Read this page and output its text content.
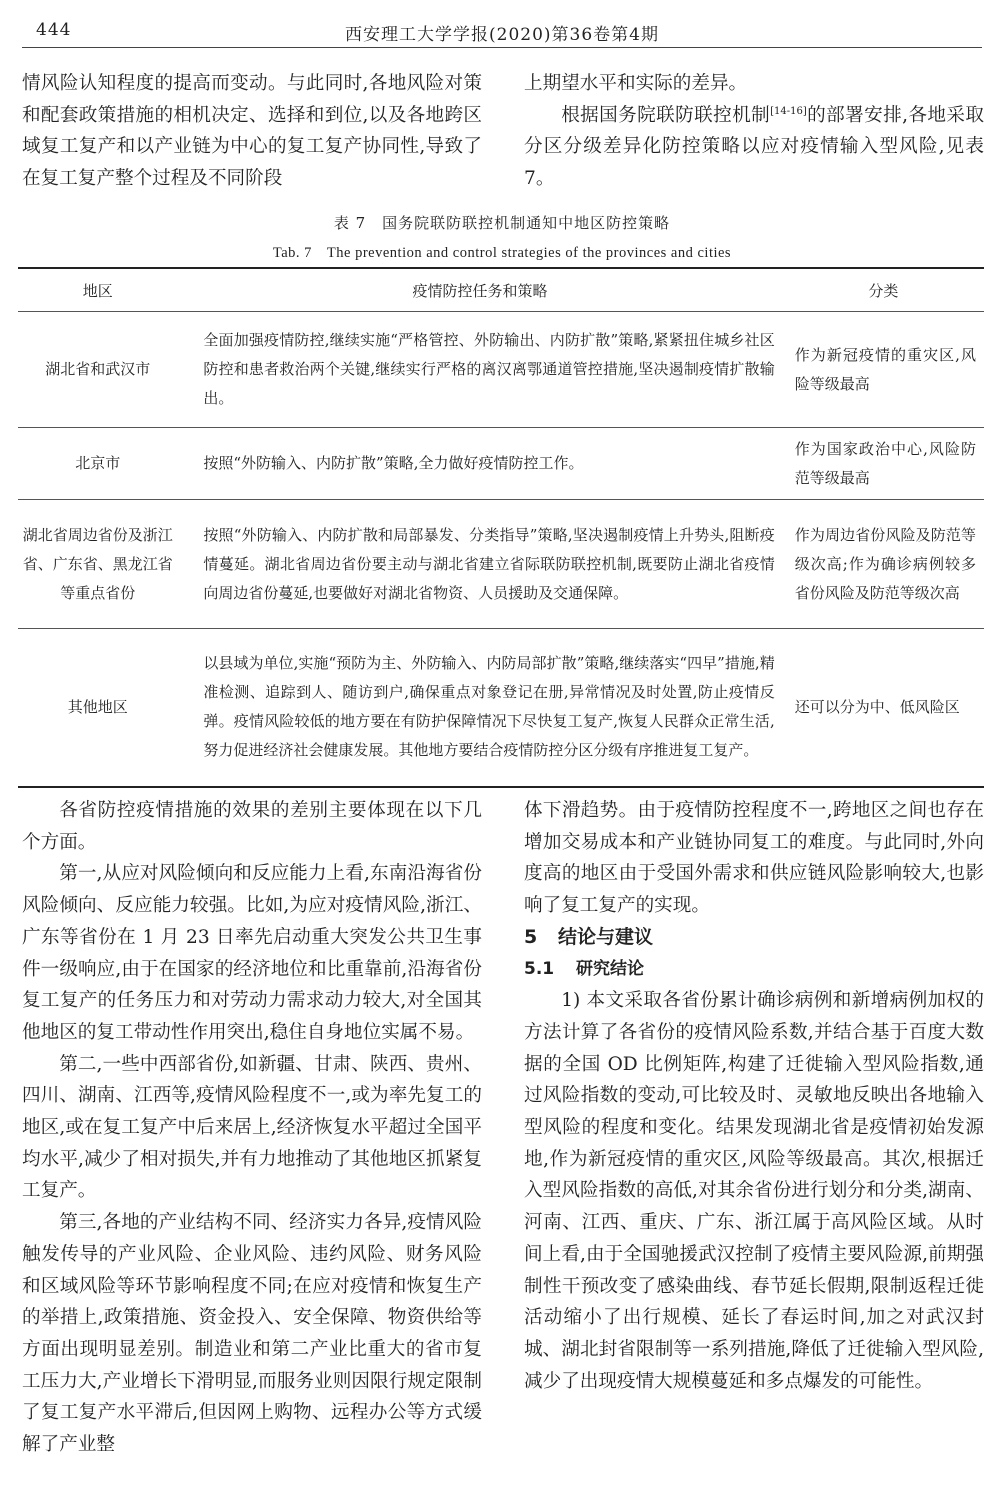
444	西安理工大学学报(2020)第36卷第4期

情风险认知程度的提高而变动。与此同时,各地风险对策和配套政策措施的相机决定、选择和到位,以及各地跨区域复工复产和以产业链为中心的复工复产协同性,导致了在复工复产整个过程及不同阶段

上期望水平和实际的差异。

根据国务院联防联控机制[14-16]的部署安排,各地采取分区分级差异化防控策略以应对疫情输入型风险,见表 7。

表 7　国务院联防联控机制通知中地区防控策略
Tab. 7　The prevention and control strategies of the provinces and cities
地区	疫情防控任务和策略	分类
湖北省和武汉市	全面加强疫情防控,继续实施“严格管控、外防输出、内防扩散”策略,紧紧扭住城乡社区防控和患者救治两个关键,继续实行严格的离汉离鄂通道管控措施,坚决遏制疫情扩散输出。	作为新冠疫情的重灾区,风险等级最高
北京市	按照“外防输入、内防扩散”策略,全力做好疫情防控工作。	作为国家政治中心,风险防范等级最高
湖北省周边省份及浙江省、广东省、黑龙江省等重点省份	按照“外防输入、内防扩散和局部暴发、分类指导”策略,坚决遏制疫情上升势头,阻断疫情蔓延。湖北省周边省份要主动与湖北省建立省际联防联控机制,既要防止湖北省疫情向周边省份蔓延,也要做好对湖北省物资、人员援助及交通保障。	作为周边省份风险及防范等级次高;作为确诊病例较多省份风险及防范等级次高
其他地区	以县域为单位,实施“预防为主、外防输入、内防局部扩散”策略,继续落实“四早”措施,精准检测、追踪到人、随访到户,确保重点对象登记在册,异常情况及时处置,防止疫情反弹。疫情风险较低的地方要在有防护保障情况下尽快复工复产,恢复人民群众正常生活,努力促进经济社会健康发展。其他地方要结合疫情防控分区分级有序推进复工复产。	还可以分为中、低风险区

各省防控疫情措施的效果的差别主要体现在以下几个方面。

第一,从应对风险倾向和反应能力上看,东南沿海省份风险倾向、反应能力较强。比如,为应对疫情风险,浙江、广东等省份在 1 月 23 日率先启动重大突发公共卫生事件一级响应,由于在国家的经济地位和比重靠前,沿海省份复工复产的任务压力和对劳动力需求动力较大,对全国其他地区的复工带动性作用突出,稳住自身地位实属不易。

第二,一些中西部省份,如新疆、甘肃、陕西、贵州、四川、湖南、江西等,疫情风险程度不一,或为率先复工的地区,或在复工复产中后来居上,经济恢复水平超过全国平均水平,减少了相对损失,并有力地推动了其他地区抓紧复工复产。

第三,各地的产业结构不同、经济实力各异,疫情风险触发传导的产业风险、企业风险、违约风险、财务风险和区域风险等环节影响程度不同;在应对疫情和恢复生产的举措上,政策措施、资金投入、安全保障、物资供给等方面出现明显差别。制造业和第二产业比重大的省市复工压力大,产业增长下滑明显,而服务业则因限行规定限制了复工复产水平滞后,但因网上购物、远程办公等方式缓解了产业整

体下滑趋势。由于疫情防控程度不一,跨地区之间也存在增加交易成本和产业链协同复工的难度。与此同时,外向度高的地区由于受国外需求和供应链风险影响较大,也影响了复工复产的实现。

5 结论与建议

5.1 研究结论

1) 本文采取各省份累计确诊病例和新增病例加权的方法计算了各省份的疫情风险系数,并结合基于百度大数据的全国 OD 比例矩阵,构建了迁徙输入型风险指数,通过风险指数的变动,可比较及时、灵敏地反映出各地输入型风险的程度和变化。结果发现湖北省是疫情初始发源地,作为新冠疫情的重灾区,风险等级最高。其次,根据迁入型风险指数的高低,对其余省份进行划分和分类,湖南、河南、江西、重庆、广东、浙江属于高风险区域。从时间上看,由于全国驰援武汉控制了疫情主要风险源,前期强制性干预改变了感染曲线、春节延长假期,限制返程迁徙活动缩小了出行规模、延长了春运时间,加之对武汉封城、湖北封省限制等一系列措施,降低了迁徙输入型风险,减少了出现疫情大规模蔓延和多点爆发的可能性。
